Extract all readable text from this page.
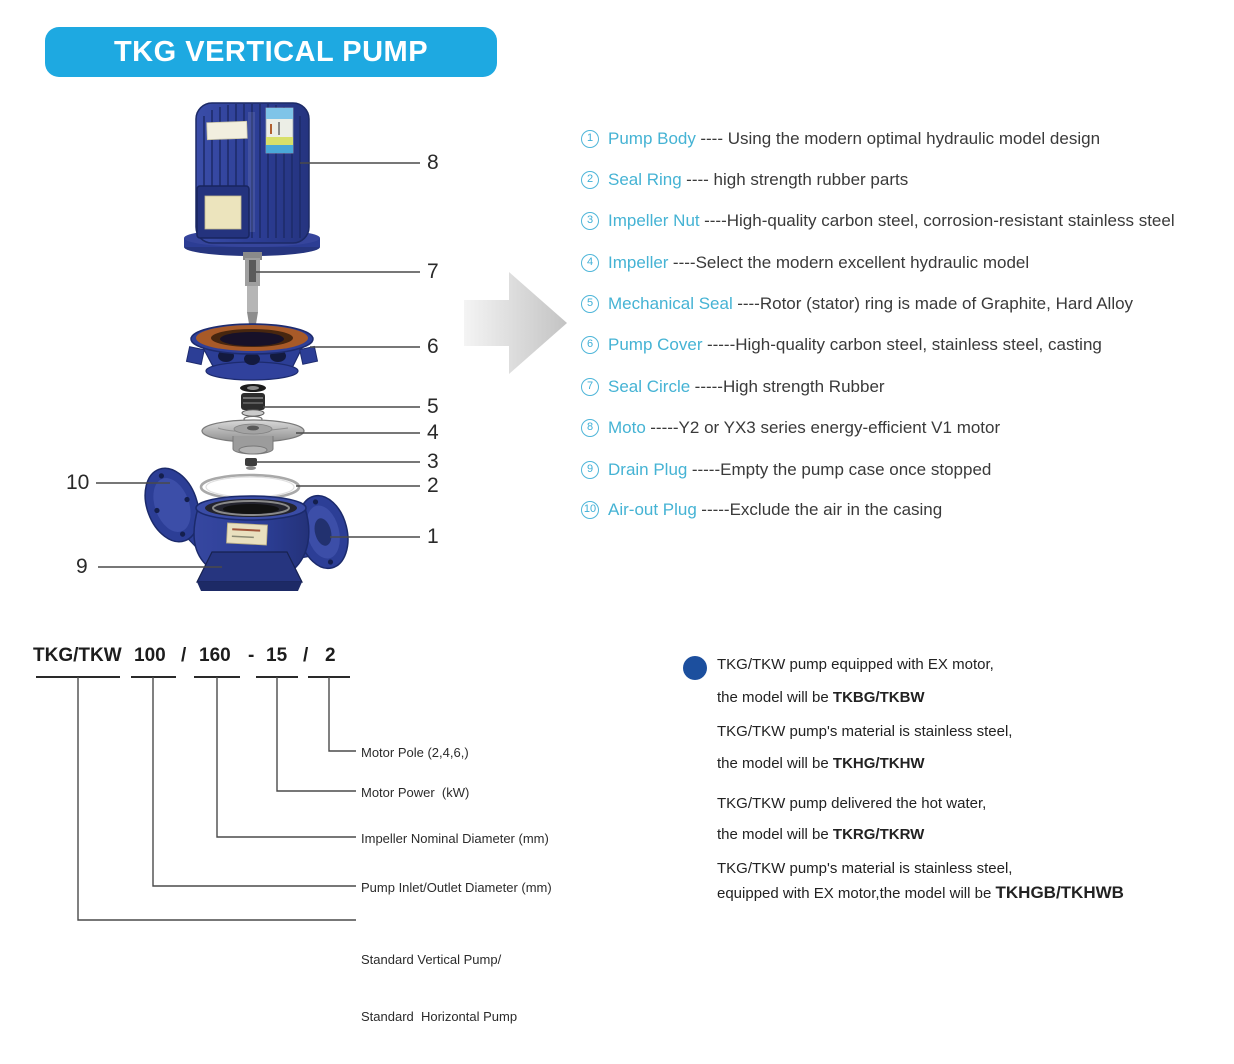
TKG VERTICAL PUMP
8
7
6
5
4
3
2
1
10
9
1 Pump Body
---- Using the modern optimal hydraulic model design
2 Seal Ring
---- high strength rubber parts
3 Impeller Nut
----High-quality carbon steel, corrosion-resistant stainless steel
4 Impeller
----Select the modern excellent hydraulic model
5 Mechanical Seal
----Rotor (stator) ring is made of Graphite, Hard Alloy
6 Pump Cover
-----High-quality carbon steel, stainless steel, casting
7 Seal Circle
-----High strength Rubber
8 Moto
-----Y2 or YX3 series energy-efficient V1 motor
9 Drain Plug
-----Empty the pump case once stopped
10 Air-out Plug
-----Exclude the air in the casing
TKG/TKW 100 / 160 - 15 / 2
Motor Pole (2,4,6,)
Motor Power  (kW)
Impeller Nominal Diameter (mm)
Pump Inlet/Outlet Diameter (mm)

Standard Vertical Pump/

Standard  Horizontal Pump

TKG/TKW pump equipped with EX motor,
the model will be TKBG/TKBW
TKG/TKW pump's material is stainless steel,
the model will be TKHG/TKHW
TKG/TKW pump delivered the hot water,
the model will be TKRG/TKRW
TKG/TKW pump's material is stainless steel,
equipped with EX motor,the model will be TKHGB/TKHWB
